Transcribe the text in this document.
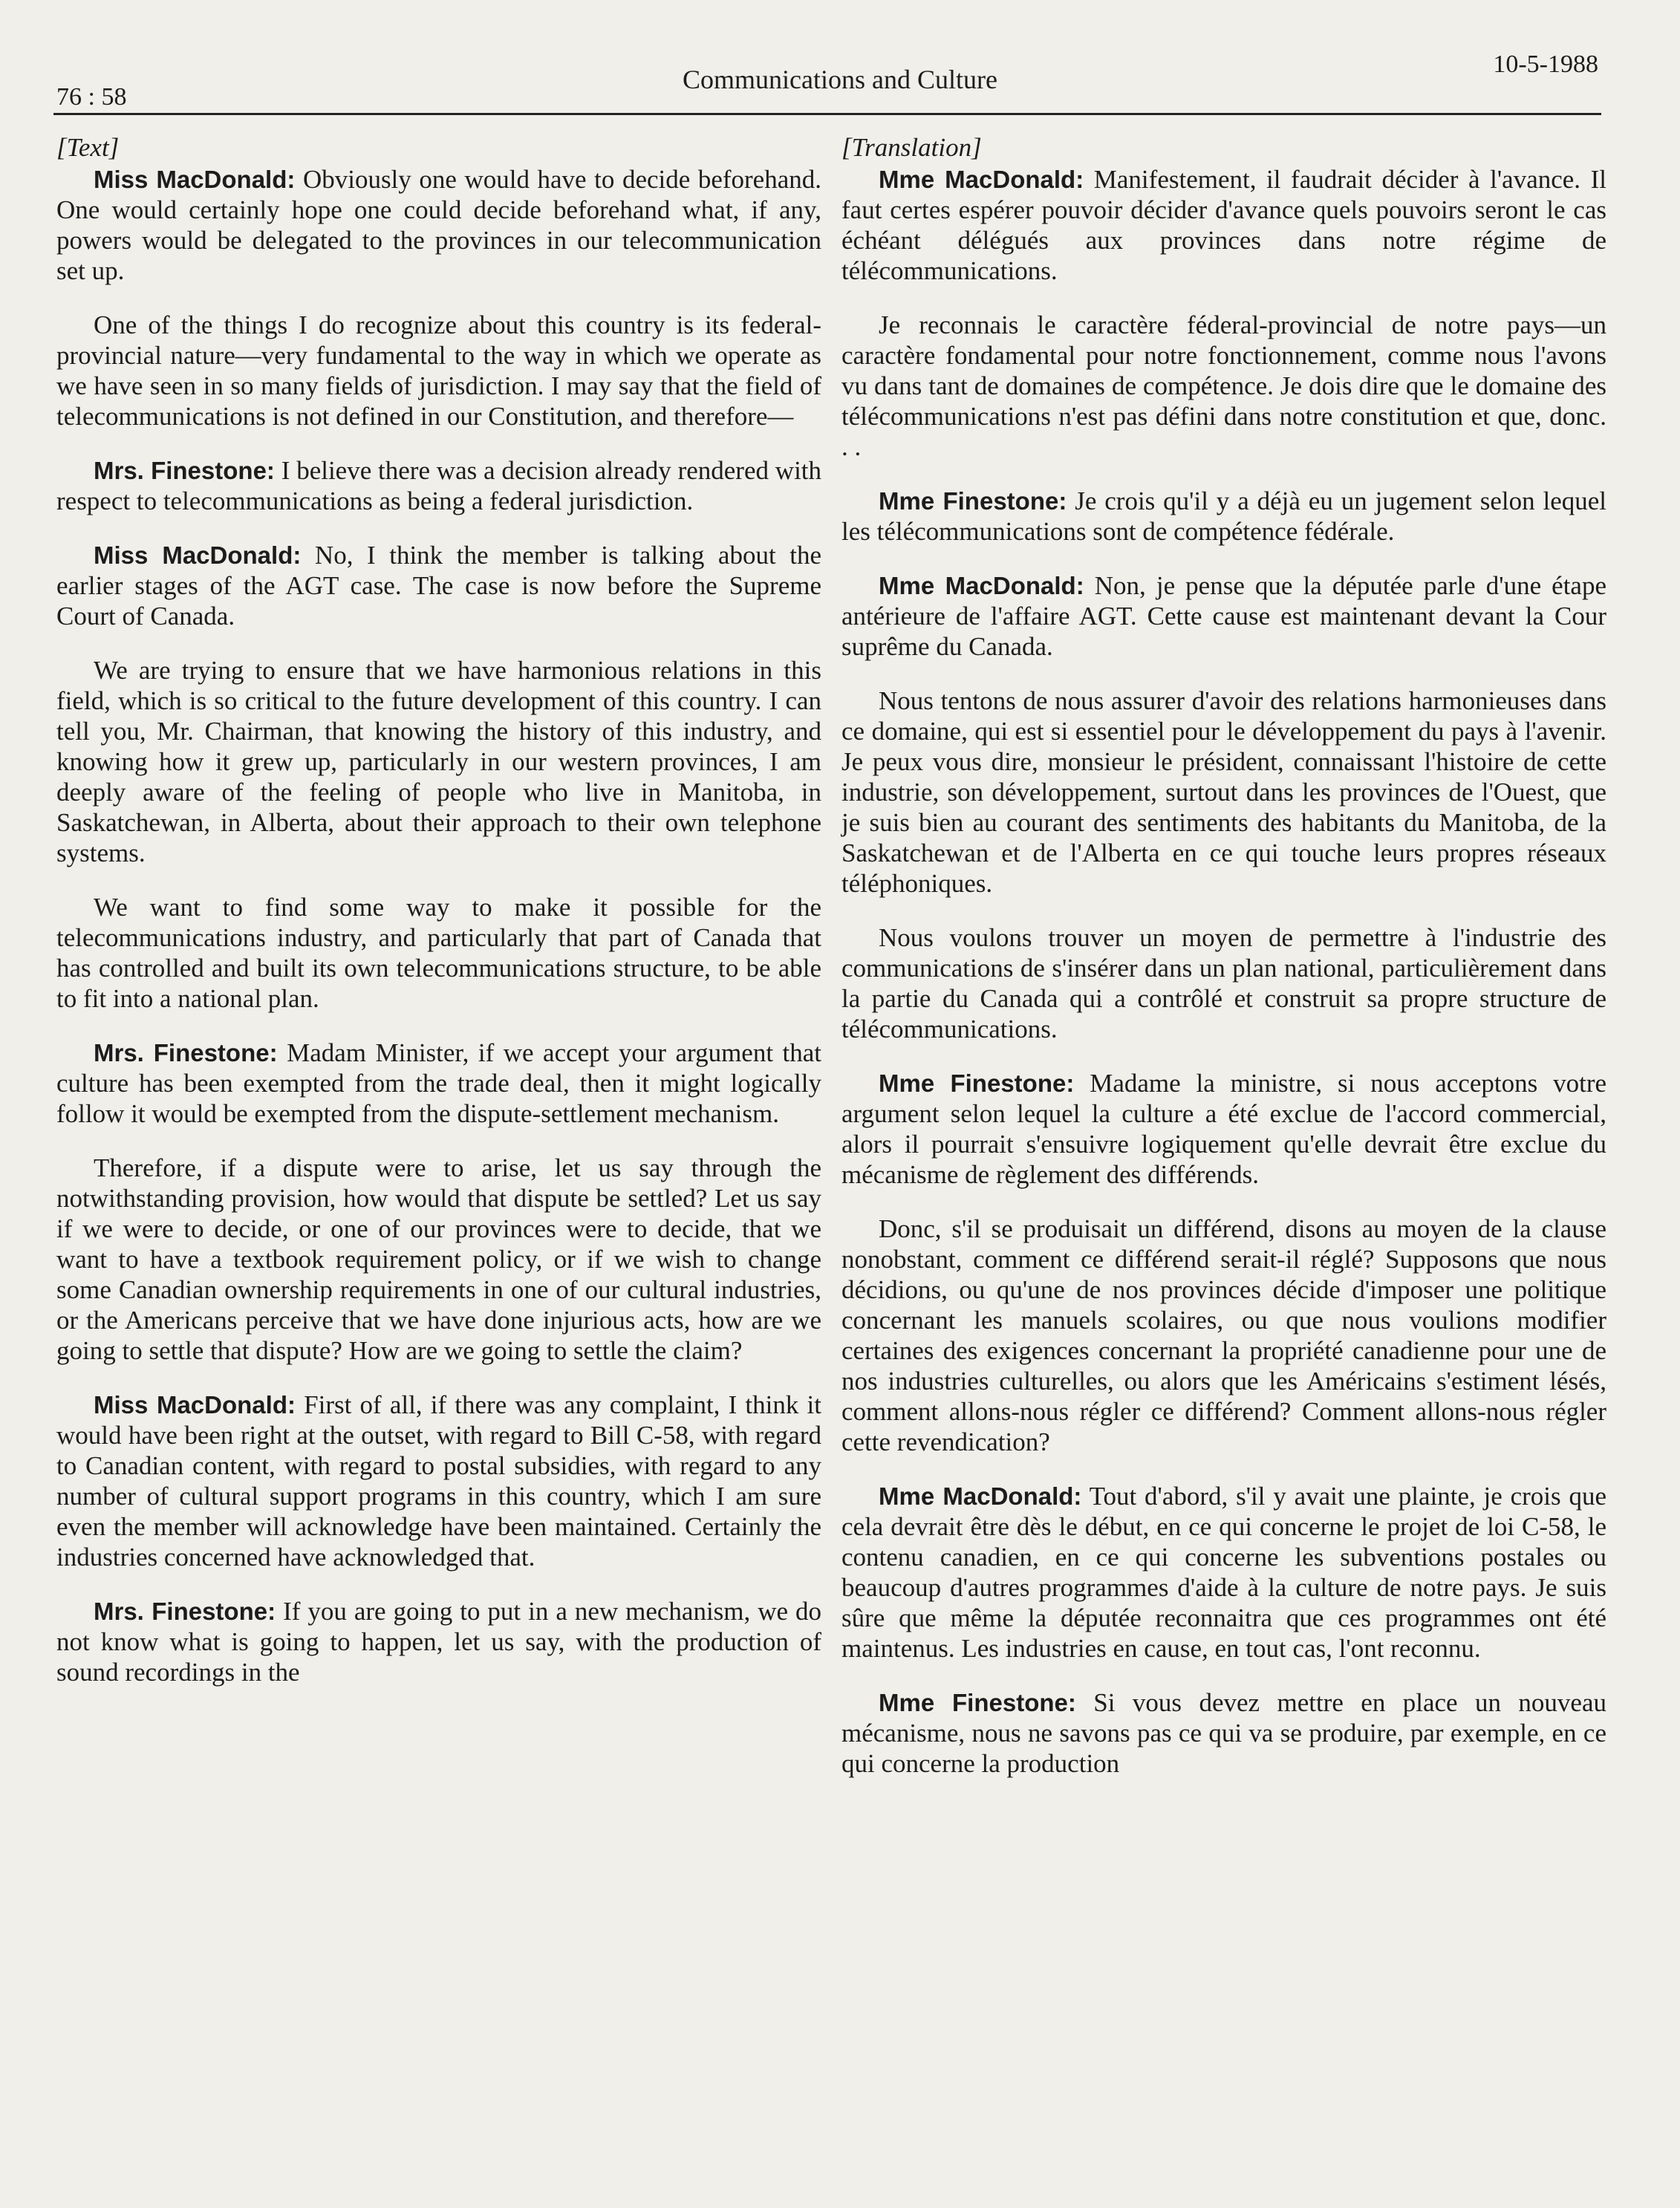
76 : 58
Communications and Culture
10-5-1988
[Text]

Miss MacDonald: Obviously one would have to decide beforehand. One would certainly hope one could decide beforehand what, if any, powers would be delegated to the provinces in our telecommunication set up.

One of the things I do recognize about this country is its federal-provincial nature—very fundamental to the way in which we operate as we have seen in so many fields of jurisdiction. I may say that the field of telecommunications is not defined in our Constitution, and therefore—

Mrs. Finestone: I believe there was a decision already rendered with respect to telecommunications as being a federal jurisdiction.

Miss MacDonald: No, I think the member is talking about the earlier stages of the AGT case. The case is now before the Supreme Court of Canada.

We are trying to ensure that we have harmonious relations in this field, which is so critical to the future development of this country. I can tell you, Mr. Chairman, that knowing the history of this industry, and knowing how it grew up, particularly in our western provinces, I am deeply aware of the feeling of people who live in Manitoba, in Saskatchewan, in Alberta, about their approach to their own telephone systems.

We want to find some way to make it possible for the telecommunications industry, and particularly that part of Canada that has controlled and built its own telecommunications structure, to be able to fit into a national plan.

Mrs. Finestone: Madam Minister, if we accept your argument that culture has been exempted from the trade deal, then it might logically follow it would be exempted from the dispute-settlement mechanism.

Therefore, if a dispute were to arise, let us say through the notwithstanding provision, how would that dispute be settled? Let us say if we were to decide, or one of our provinces were to decide, that we want to have a textbook requirement policy, or if we wish to change some Canadian ownership requirements in one of our cultural industries, or the Americans perceive that we have done injurious acts, how are we going to settle that dispute? How are we going to settle the claim?

Miss MacDonald: First of all, if there was any complaint, I think it would have been right at the outset, with regard to Bill C-58, with regard to Canadian content, with regard to postal subsidies, with regard to any number of cultural support programs in this country, which I am sure even the member will acknowledge have been maintained. Certainly the industries concerned have acknowledged that.

Mrs. Finestone: If you are going to put in a new mechanism, we do not know what is going to happen, let us say, with the production of sound recordings in the

[Translation]

Mme MacDonald: Manifestement, il faudrait décider à l'avance. Il faut certes espérer pouvoir décider d'avance quels pouvoirs seront le cas échéant délégués aux provinces dans notre régime de télécommunications.

Je reconnais le caractère féderal-provincial de notre pays—un caractère fondamental pour notre fonctionnement, comme nous l'avons vu dans tant de domaines de compétence. Je dois dire que le domaine des télécommunications n'est pas défini dans notre constitution et que, donc. . .

Mme Finestone: Je crois qu'il y a déjà eu un jugement selon lequel les télécommunications sont de compétence fédérale.

Mme MacDonald: Non, je pense que la députée parle d'une étape antérieure de l'affaire AGT. Cette cause est maintenant devant la Cour suprême du Canada.

Nous tentons de nous assurer d'avoir des relations harmonieuses dans ce domaine, qui est si essentiel pour le développement du pays à l'avenir. Je peux vous dire, monsieur le président, connaissant l'histoire de cette industrie, son développement, surtout dans les provinces de l'Ouest, que je suis bien au courant des sentiments des habitants du Manitoba, de la Saskatchewan et de l'Alberta en ce qui touche leurs propres réseaux téléphoniques.

Nous voulons trouver un moyen de permettre à l'industrie des communications de s'insérer dans un plan national, particulièrement dans la partie du Canada qui a contrôlé et construit sa propre structure de télécommunications.

Mme Finestone: Madame la ministre, si nous acceptons votre argument selon lequel la culture a été exclue de l'accord commercial, alors il pourrait s'ensuivre logiquement qu'elle devrait être exclue du mécanisme de règlement des différends.

Donc, s'il se produisait un différend, disons au moyen de la clause nonobstant, comment ce différend serait-il réglé? Supposons que nous décidions, ou qu'une de nos provinces décide d'imposer une politique concernant les manuels scolaires, ou que nous voulions modifier certaines des exigences concernant la propriété canadienne pour une de nos industries culturelles, ou alors que les Américains s'estiment lésés, comment allons-nous régler ce différend? Comment allons-nous régler cette revendication?

Mme MacDonald: Tout d'abord, s'il y avait une plainte, je crois que cela devrait être dès le début, en ce qui concerne le projet de loi C-58, le contenu canadien, en ce qui concerne les subventions postales ou beaucoup d'autres programmes d'aide à la culture de notre pays. Je suis sûre que même la députée reconnaitra que ces programmes ont été maintenus. Les industries en cause, en tout cas, l'ont reconnu.

Mme Finestone: Si vous devez mettre en place un nouveau mécanisme, nous ne savons pas ce qui va se produire, par exemple, en ce qui concerne la production
